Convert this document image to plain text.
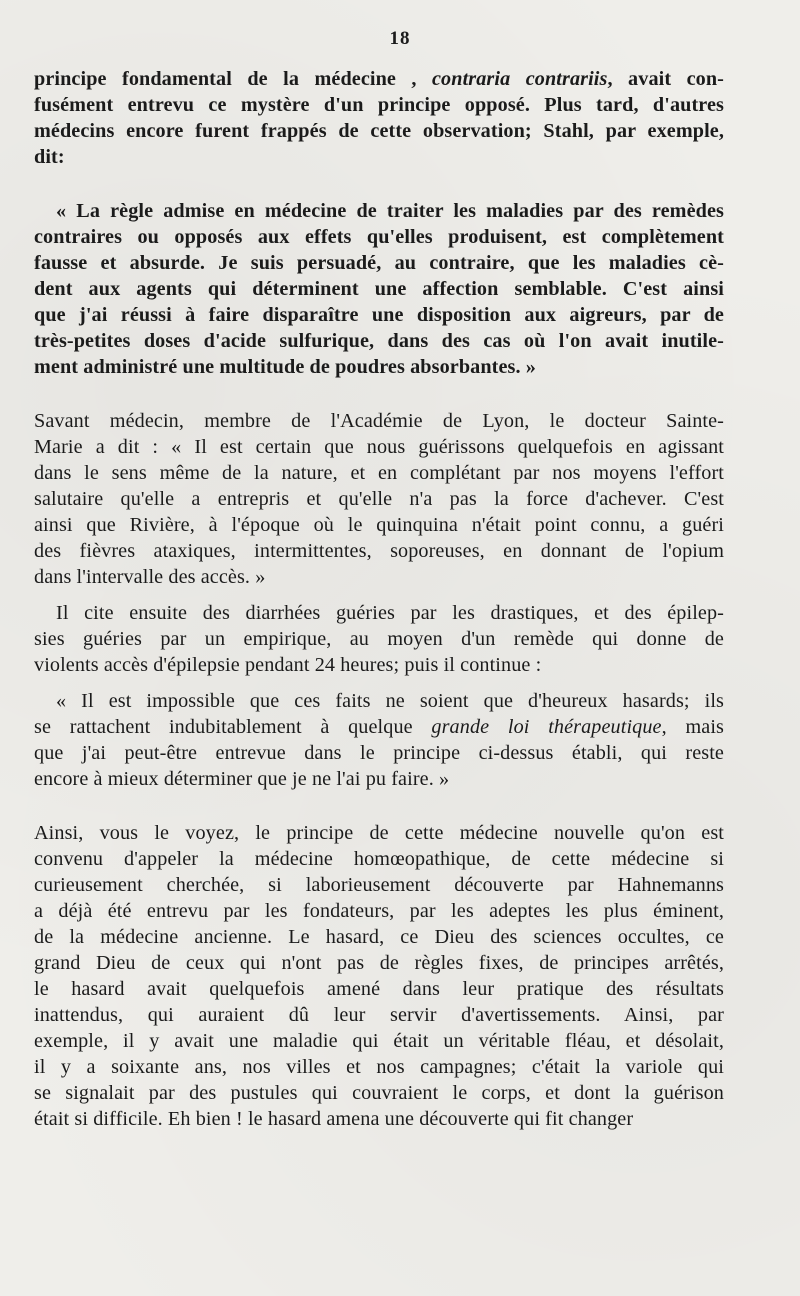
18
principe fondamental de la médecine , contraria contrariis, avait con-
fusément entrevu ce mystère d'un principe opposé. Plus tard, d'autres
médecins encore furent frappés de cette observation; Stahl, par exemple,
dit:
« La règle admise en médecine de traiter les maladies par des remèdes
contraires ou opposés aux effets qu'elles produisent, est complètement
fausse et absurde. Je suis persuadé, au contraire, que les maladies cè-
dent aux agents qui déterminent une affection semblable. C'est ainsi
que j'ai réussi à faire disparaître une disposition aux aigreurs, par de
très-petites doses d'acide sulfurique, dans des cas où l'on avait inutile-
ment administré une multitude de poudres absorbantes. »
Savant médecin, membre de l'Académie de Lyon, le docteur Sainte-
Marie a dit : « Il est certain que nous guérissons quelquefois en agissant
dans le sens même de la nature, et en complétant par nos moyens l'effort
salutaire qu'elle a entrepris et qu'elle n'a pas la force d'achever. C'est
ainsi que Rivière, à l'époque où le quinquina n'était point connu, a guéri
des fièvres ataxiques, intermittentes, soporeuses, en donnant de l'opium
dans l'intervalle des accès. »
Il cite ensuite des diarrhées guéries par les drastiques, et des épilep-
sies guéries par un empirique, au moyen d'un remède qui donne de
violents accès d'épilepsie pendant 24 heures; puis il continue :
« Il est impossible que ces faits ne soient que d'heureux hasards; ils
se rattachent indubitablement à quelque grande loi thérapeutique, mais
que j'ai peut-être entrevue dans le principe ci-dessus établi, qui reste
encore à mieux déterminer que je ne l'ai pu faire. »
Ainsi, vous le voyez, le principe de cette médecine nouvelle qu'on est
convenu d'appeler la médecine homœopathique, de cette médecine si
curieusement cherchée, si laborieusement découverte par Hahnemanns
a déjà été entrevu par les fondateurs, par les adeptes les plus éminent,
de la médecine ancienne. Le hasard, ce Dieu des sciences occultes, ce
grand Dieu de ceux qui n'ont pas de règles fixes, de principes arrêtés,
le hasard avait quelquefois amené dans leur pratique des résultats
inattendus, qui auraient dû leur servir d'avertissements. Ainsi, par
exemple, il y avait une maladie qui était un véritable fléau, et désolait,
il y a soixante ans, nos villes et nos campagnes; c'était la variole qui
se signalait par des pustules qui couvraient le corps, et dont la guérison
était si difficile. Eh bien ! le hasard amena une découverte qui fit changer
